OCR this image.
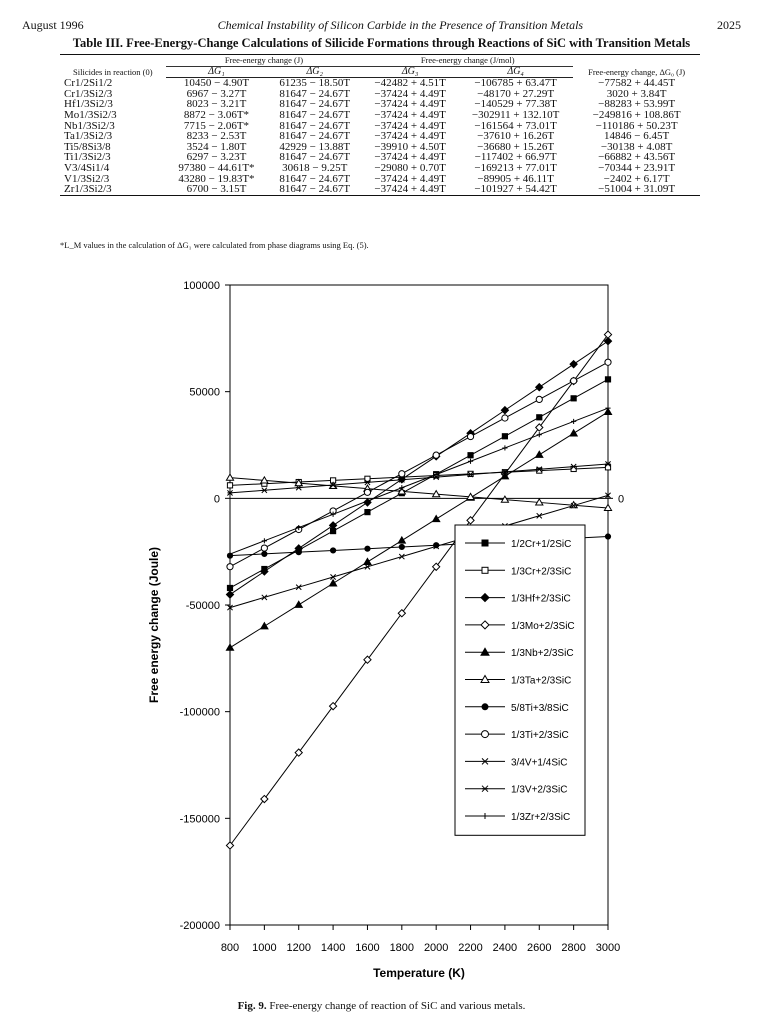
August 1996	Chemical Instability of Silicon Carbide in the Presence of Transition Metals	2025
Table III. Free-Energy-Change Calculations of Silicide Formations through Reactions of SiC with Transition Metals
Silicides in reaction (0)	Free-energy change (J)		Free-energy change (J/mol)		Free-energy change, ΔG₀ (J)
	ΔG₁	ΔG₂	ΔG₃	ΔG₄	
Cr1/2Si1/2	10450 − 4.90T	61235 − 18.50T	−42482 + 4.51T	−106785 + 63.47T	−77582 + 44.45T
Cr1/3Si2/3	6967 − 3.27T	81647 − 24.67T	−37424 + 4.49T	−48170 + 27.29T	3020 + 3.84T
Hf1/3Si2/3	8023 − 3.21T	81647 − 24.67T	−37424 + 4.49T	−140529 + 77.38T	−88283 + 53.99T
Mo1/3Si2/3	8872 − 3.06T*	81647 − 24.67T	−37424 + 4.49T	−302911 + 132.10T	−249816 + 108.86T
Nb1/3Si2/3	7715 − 2.06T*	81647 − 24.67T	−37424 + 4.49T	−161564 + 73.01T	−110186 + 50.23T
Ta1/3Si2/3	8233 − 2.53T	81647 − 24.67T	−37424 + 4.49T	−37610 + 16.26T	14846 − 6.45T
Ti5/8Si3/8	3524 − 1.80T	42929 − 13.88T	−39910 + 4.50T	−36680 + 15.26T	−30138 + 4.08T
Ti1/3Si2/3	6297 − 3.23T	81647 − 24.67T	−37424 + 4.49T	−117402 + 66.97T	−66882 + 43.56T
V3/4Si1/4	97380 − 44.61T*	30618 − 9.25T	−29080 + 0.70T	−169213 + 77.01T	−70344 + 23.91T
V1/3Si2/3	43280 − 19.83T*	81647 − 24.67T	−37424 + 4.49T	−89905 + 46.11T	−2402 + 6.17T
Zr1/3Si2/3	6700 − 3.15T	81647 − 24.67T	−37424 + 4.49T	−101927 + 54.42T	−51004 + 31.09T
*L_M values in the calculation of ΔG₁ were calculated from phase diagrams using Eq. (5).
100000
50000
0
-50000
-100000
-150000
-200000
800 1000 1200 1400 1600 1800 2000 2200 2400 2600 2800 3000
0
Temperature (K)
Free energy change (Joule)
1/2Cr+1/2SiC
1/3Cr+2/3SiC
1/3Hf+2/3SiC
1/3Mo+2/3SiC
1/3Nb+2/3SiC
1/3Ta+2/3SiC
5/8Ti+3/8SiC
1/3Ti+2/3SiC
3/4V+1/4SiC
1/3V+2/3SiC
1/3Zr+2/3SiC
Fig. 9. Free-energy change of reaction of SiC and various metals.
